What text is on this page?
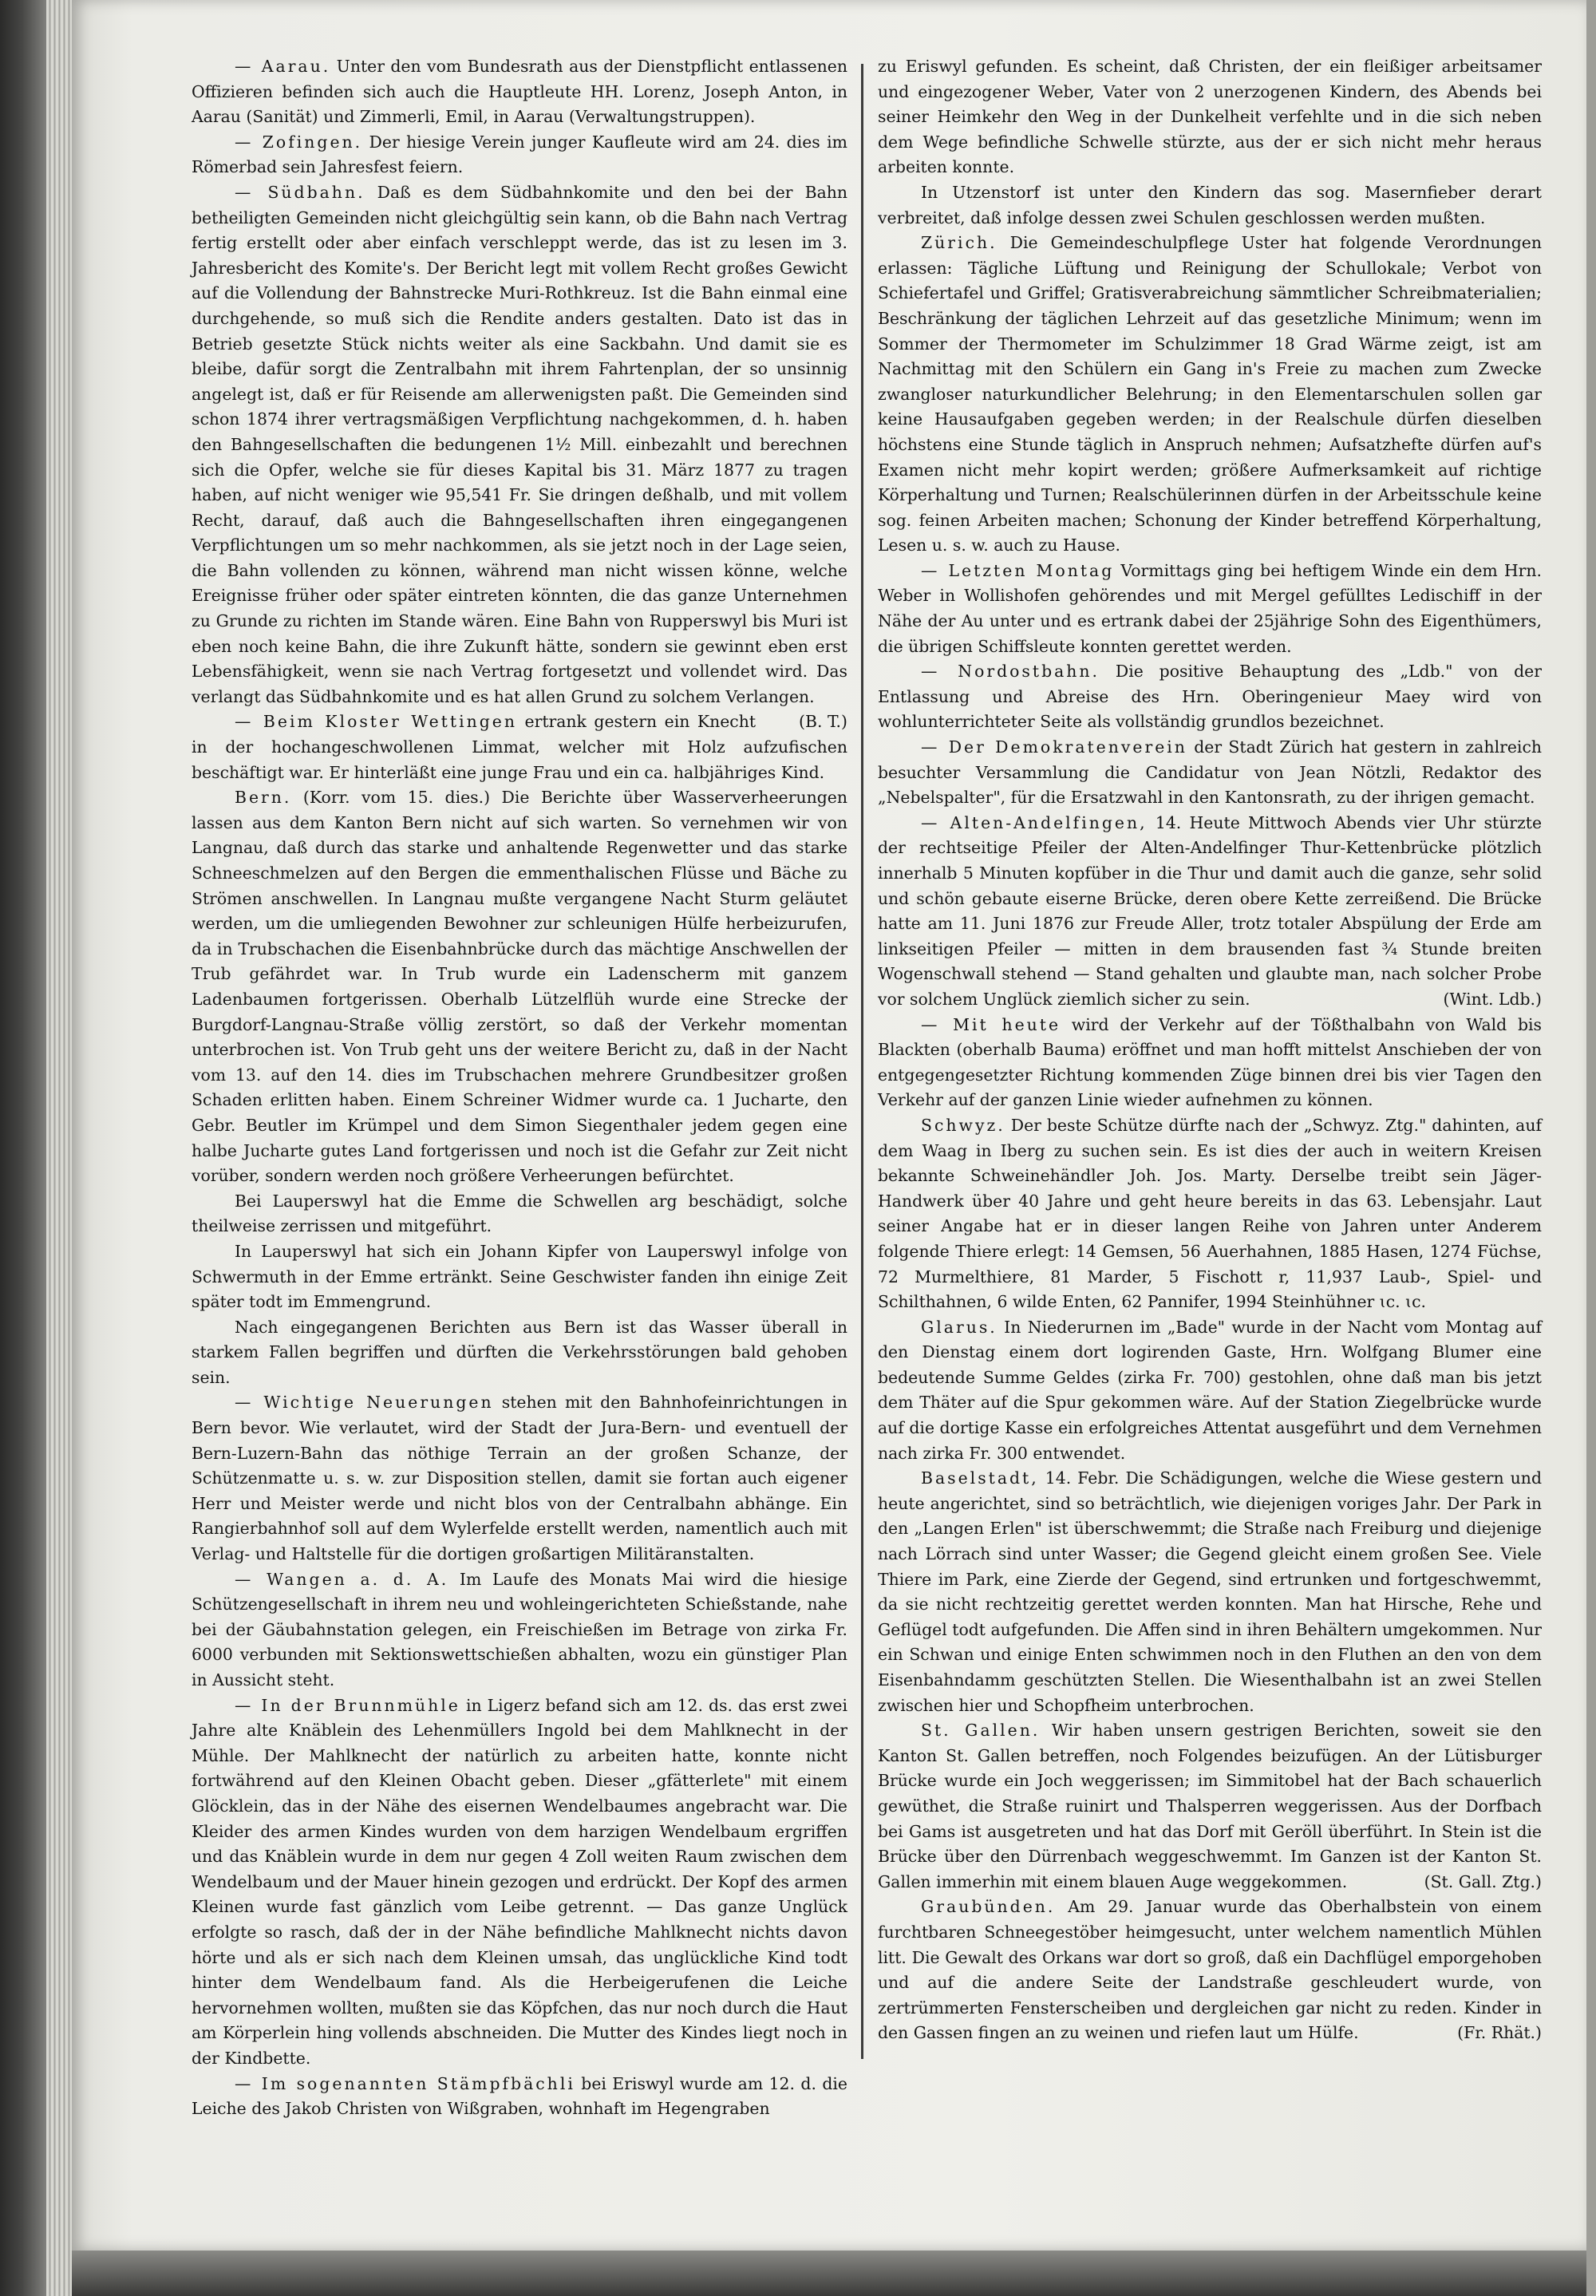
— Aarau. Unter den vom Bundesrath aus der Dienstpflicht entlassenen Offizieren befinden sich auch die Hauptleute HH. Lorenz, Joseph Anton, in Aarau (Sanität) und Zimmerli, Emil, in Aarau (Verwaltungstruppen).

— Zofingen. Der hiesige Verein junger Kaufleute wird am 24. dies im Römerbad sein Jahresfest feiern.

— Südbahn. Daß es dem Südbahnkomite und den bei der Bahn betheiligten Gemeinden nicht gleichgültig sein kann, ob die Bahn nach Vertrag fertig erstellt oder aber einfach verschleppt werde, das ist zu lesen im 3. Jahresbericht des Komite's. Der Bericht legt mit vollem Recht großes Gewicht auf die Vollendung der Bahnstrecke Muri-Rothkreuz. Ist die Bahn einmal eine durchgehende, so muß sich die Rendite anders gestalten. Dato ist das in Betrieb gesetzte Stück nichts weiter als eine Sackbahn. Und damit sie es bleibe, dafür sorgt die Zentralbahn mit ihrem Fahrtenplan, der so unsinnig angelegt ist, daß er für Reisende am allerwenigsten paßt. Die Gemeinden sind schon 1874 ihrer vertragsmäßigen Verpflichtung nachgekommen, d. h. haben den Bahngesellschaften die bedungenen 1½ Mill. einbezahlt und berechnen sich die Opfer, welche sie für dieses Kapital bis 31. März 1877 zu tragen haben, auf nicht weniger wie 95,541 Fr. Sie dringen deßhalb, und mit vollem Recht, darauf, daß auch die Bahngesellschaften ihren eingegangenen Verpflichtungen um so mehr nachkommen, als sie jetzt noch in der Lage seien, die Bahn vollenden zu können, während man nicht wissen könne, welche Ereignisse früher oder später eintreten könnten, die das ganze Unternehmen zu Grunde zu richten im Stande wären. Eine Bahn von Rupperswyl bis Muri ist eben noch keine Bahn, die ihre Zukunft hätte, sondern sie gewinnt eben erst Lebensfähigkeit, wenn sie nach Vertrag fortgesetzt und vollendet wird. Das verlangt das Südbahnkomite und es hat allen Grund zu solchem Verlangen.
(B. T.)

— Beim Kloster Wettingen ertrank gestern ein Knecht in der hochangeschwollenen Limmat, welcher mit Holz aufzufischen beschäftigt war. Er hinterläßt eine junge Frau und ein ca. halbjähriges Kind.

Bern. (Korr. vom 15. dies.) Die Berichte über Wasserverheerungen lassen aus dem Kanton Bern nicht auf sich warten. So vernehmen wir von Langnau, daß durch das starke und anhaltende Regenwetter und das starke Schneeschmelzen auf den Bergen die emmenthalischen Flüsse und Bäche zu Strömen anschwellen. In Langnau mußte vergangene Nacht Sturm geläutet werden, um die umliegenden Bewohner zur schleunigen Hülfe herbeizurufen, da in Trubschachen die Eisenbahnbrücke durch das mächtige Anschwellen der Trub gefährdet war. In Trub wurde ein Ladenscherm mit ganzem Ladenbaumen fortgerissen. Oberhalb Lützelflüh wurde eine Strecke der Burgdorf-Langnau-Straße völlig zerstört, so daß der Verkehr momentan unterbrochen ist. Von Trub geht uns der weitere Bericht zu, daß in der Nacht vom 13. auf den 14. dies im Trubschachen mehrere Grundbesitzer großen Schaden erlitten haben. Einem Schreiner Widmer wurde ca. 1 Jucharte, den Gebr. Beutler im Krümpel und dem Simon Siegenthaler jedem gegen eine halbe Jucharte gutes Land fortgerissen und noch ist die Gefahr zur Zeit nicht vorüber, sondern werden noch größere Verheerungen befürchtet.

Bei Lauperswyl hat die Emme die Schwellen arg beschädigt, solche theilweise zerrissen und mitgeführt.

In Lauperswyl hat sich ein Johann Kipfer von Lauperswyl infolge von Schwermuth in der Emme ertränkt. Seine Geschwister fanden ihn einige Zeit später todt im Emmengrund.

Nach eingegangenen Berichten aus Bern ist das Wasser überall in starkem Fallen begriffen und dürften die Verkehrsstörungen bald gehoben sein.

— Wichtige Neuerungen stehen mit den Bahnhofeinrichtungen in Bern bevor. Wie verlautet, wird der Stadt der Jura-Bern- und eventuell der Bern-Luzern-Bahn das nöthige Terrain an der großen Schanze, der Schützenmatte u. s. w. zur Disposition stellen, damit sie fortan auch eigener Herr und Meister werde und nicht blos von der Centralbahn abhänge. Ein Rangierbahnhof soll auf dem Wylerfelde erstellt werden, namentlich auch mit Verlag- und Haltstelle für die dortigen großartigen Militäranstalten.

— Wangen a. d. A. Im Laufe des Monats Mai wird die hiesige Schützengesellschaft in ihrem neu und wohleingerichteten Schießstande, nahe bei der Gäubahnstation gelegen, ein Freischießen im Betrage von zirka Fr. 6000 verbunden mit Sektionswettschießen abhalten, wozu ein günstiger Plan in Aussicht steht.

— In der Brunnmühle in Ligerz befand sich am 12. ds. das erst zwei Jahre alte Knäblein des Lehenmüllers Ingold bei dem Mahlknecht in der Mühle. Der Mahlknecht der natürlich zu arbeiten hatte, konnte nicht fortwährend auf den Kleinen Obacht geben. Dieser „gfätterlete" mit einem Glöcklein, das in der Nähe des eisernen Wendelbaumes angebracht war. Die Kleider des armen Kindes wurden von dem harzigen Wendelbaum ergriffen und das Knäblein wurde in dem nur gegen 4 Zoll weiten Raum zwischen dem Wendelbaum und der Mauer hinein gezogen und erdrückt. Der Kopf des armen Kleinen wurde fast gänzlich vom Leibe getrennt. — Das ganze Unglück erfolgte so rasch, daß der in der Nähe befindliche Mahlknecht nichts davon hörte und als er sich nach dem Kleinen umsah, das unglückliche Kind todt hinter dem Wendelbaum fand. Als die Herbeigerufenen die Leiche hervornehmen wollten, mußten sie das Köpfchen, das nur noch durch die Haut am Körperlein hing vollends abschneiden. Die Mutter des Kindes liegt noch in der Kindbette.

— Im sogenannten Stämpfbächli bei Eriswyl wurde am 12. d. die Leiche des Jakob Christen von Wißgraben, wohnhaft im Hegengraben

zu Eriswyl gefunden. Es scheint, daß Christen, der ein fleißiger arbeitsamer und eingezogener Weber, Vater von 2 unerzogenen Kindern, des Abends bei seiner Heimkehr den Weg in der Dunkelheit verfehlte und in die sich neben dem Wege befindliche Schwelle stürzte, aus der er sich nicht mehr heraus arbeiten konnte.

In Utzenstorf ist unter den Kindern das sog. Masernfieber derart verbreitet, daß infolge dessen zwei Schulen geschlossen werden mußten.

Zürich. Die Gemeindeschulpflege Uster hat folgende Verordnungen erlassen: Tägliche Lüftung und Reinigung der Schullokale; Verbot von Schiefertafel und Griffel; Gratisverabreichung sämmtlicher Schreibmaterialien; Beschränkung der täglichen Lehrzeit auf das gesetzliche Minimum; wenn im Sommer der Thermometer im Schulzimmer 18 Grad Wärme zeigt, ist am Nachmittag mit den Schülern ein Gang in's Freie zu machen zum Zwecke zwangloser naturkundlicher Belehrung; in den Elementarschulen sollen gar keine Hausaufgaben gegeben werden; in der Realschule dürfen dieselben höchstens eine Stunde täglich in Anspruch nehmen; Aufsatzhefte dürfen auf's Examen nicht mehr kopirt werden; größere Aufmerksamkeit auf richtige Körperhaltung und Turnen; Realschülerinnen dürfen in der Arbeitsschule keine sog. feinen Arbeiten machen; Schonung der Kinder betreffend Körperhaltung, Lesen u. s. w. auch zu Hause.

— Letzten Montag Vormittags ging bei heftigem Winde ein dem Hrn. Weber in Wollishofen gehörendes und mit Mergel gefülltes Ledischiff in der Nähe der Au unter und es ertrank dabei der 25jährige Sohn des Eigenthümers, die übrigen Schiffsleute konnten gerettet werden.

— Nordostbahn. Die positive Behauptung des „Ldb." von der Entlassung und Abreise des Hrn. Oberingenieur Maey wird von wohlunterrichteter Seite als vollständig grundlos bezeichnet.

— Der Demokratenverein der Stadt Zürich hat gestern in zahlreich besuchter Versammlung die Candidatur von Jean Nötzli, Redaktor des „Nebelspalter", für die Ersatzwahl in den Kantonsrath, zu der ihrigen gemacht.

— Alten-Andelfingen, 14. Heute Mittwoch Abends vier Uhr stürzte der rechtseitige Pfeiler der Alten-Andelfinger Thur-Kettenbrücke plötzlich innerhalb 5 Minuten kopfüber in die Thur und damit auch die ganze, sehr solid und schön gebaute eiserne Brücke, deren obere Kette zerreißend. Die Brücke hatte am 11. Juni 1876 zur Freude Aller, trotz totaler Abspülung der Erde am linkseitigen Pfeiler — mitten in dem brausenden fast ¾ Stunde breiten Wogenschwall stehend — Stand gehalten und glaubte man, nach solcher Probe vor solchem Unglück ziemlich sicher zu sein.	(Wint. Ldb.)

— Mit heute wird der Verkehr auf der Tößthalbahn von Wald bis Blackten (oberhalb Bauma) eröffnet und man hofft mittelst Anschieben der von entgegengesetzter Richtung kommenden Züge binnen drei bis vier Tagen den Verkehr auf der ganzen Linie wieder aufnehmen zu können.

Schwyz. Der beste Schütze dürfte nach der „Schwyz. Ztg." dahinten, auf dem Waag in Iberg zu suchen sein. Es ist dies der auch in weitern Kreisen bekannte Schweinehändler Joh. Jos. Marty. Derselbe treibt sein Jäger-Handwerk über 40 Jahre und geht heure bereits in das 63. Lebensjahr. Laut seiner Angabe hat er in dieser langen Reihe von Jahren unter Anderem folgende Thiere erlegt: 14 Gemsen, 56 Auerhahnen, 1885 Hasen, 1274 Füchse, 72 Murmelthiere, 81 Marder, 5 Fischott r, 11,937 Laub-, Spiel- und Schilthahnen, 6 wilde Enten, 62 Pannifer, 1994 Steinhühner ɩc. ɩc.

Glarus. In Niederurnen im „Bade" wurde in der Nacht vom Montag auf den Dienstag einem dort logirenden Gaste, Hrn. Wolfgang Blumer eine bedeutende Summe Geldes (zirka Fr. 700) gestohlen, ohne daß man bis jetzt dem Thäter auf die Spur gekommen wäre. Auf der Station Ziegelbrücke wurde auf die dortige Kasse ein erfolgreiches Attentat ausgeführt und dem Vernehmen nach zirka Fr. 300 entwendet.

Baselstadt, 14. Febr. Die Schädigungen, welche die Wiese gestern und heute angerichtet, sind so beträchtlich, wie diejenigen voriges Jahr. Der Park in den „Langen Erlen" ist überschwemmt; die Straße nach Freiburg und diejenige nach Lörrach sind unter Wasser; die Gegend gleicht einem großen See. Viele Thiere im Park, eine Zierde der Gegend, sind ertrunken und fortgeschwemmt, da sie nicht rechtzeitig gerettet werden konnten. Man hat Hirsche, Rehe und Geflügel todt aufgefunden. Die Affen sind in ihren Behältern umgekommen. Nur ein Schwan und einige Enten schwimmen noch in den Fluthen an den von dem Eisenbahndamm geschützten Stellen. Die Wiesenthalbahn ist an zwei Stellen zwischen hier und Schopfheim unterbrochen.

St. Gallen. Wir haben unsern gestrigen Berichten, soweit sie den Kanton St. Gallen betreffen, noch Folgendes beizufügen. An der Lütisburger Brücke wurde ein Joch weggerissen; im Simmitobel hat der Bach schauerlich gewüthet, die Straße ruinirt und Thalsperren weggerissen. Aus der Dorfbach bei Gams ist ausgetreten und hat das Dorf mit Geröll überführt. In Stein ist die Brücke über den Dürrenbach weggeschwemmt. Im Ganzen ist der Kanton St. Gallen immerhin mit einem blauen Auge weggekommen.	(St. Gall. Ztg.)

Graubünden. Am 29. Januar wurde das Oberhalbstein von einem furchtbaren Schneegestöber heimgesucht, unter welchem namentlich Mühlen litt. Die Gewalt des Orkans war dort so groß, daß ein Dachflügel emporgehoben und auf die andere Seite der Landstraße geschleudert wurde, von zertrümmerten Fensterscheiben und dergleichen gar nicht zu reden. Kinder in den Gassen fingen an zu weinen und riefen laut um Hülfe.	(Fr. Rhät.)
